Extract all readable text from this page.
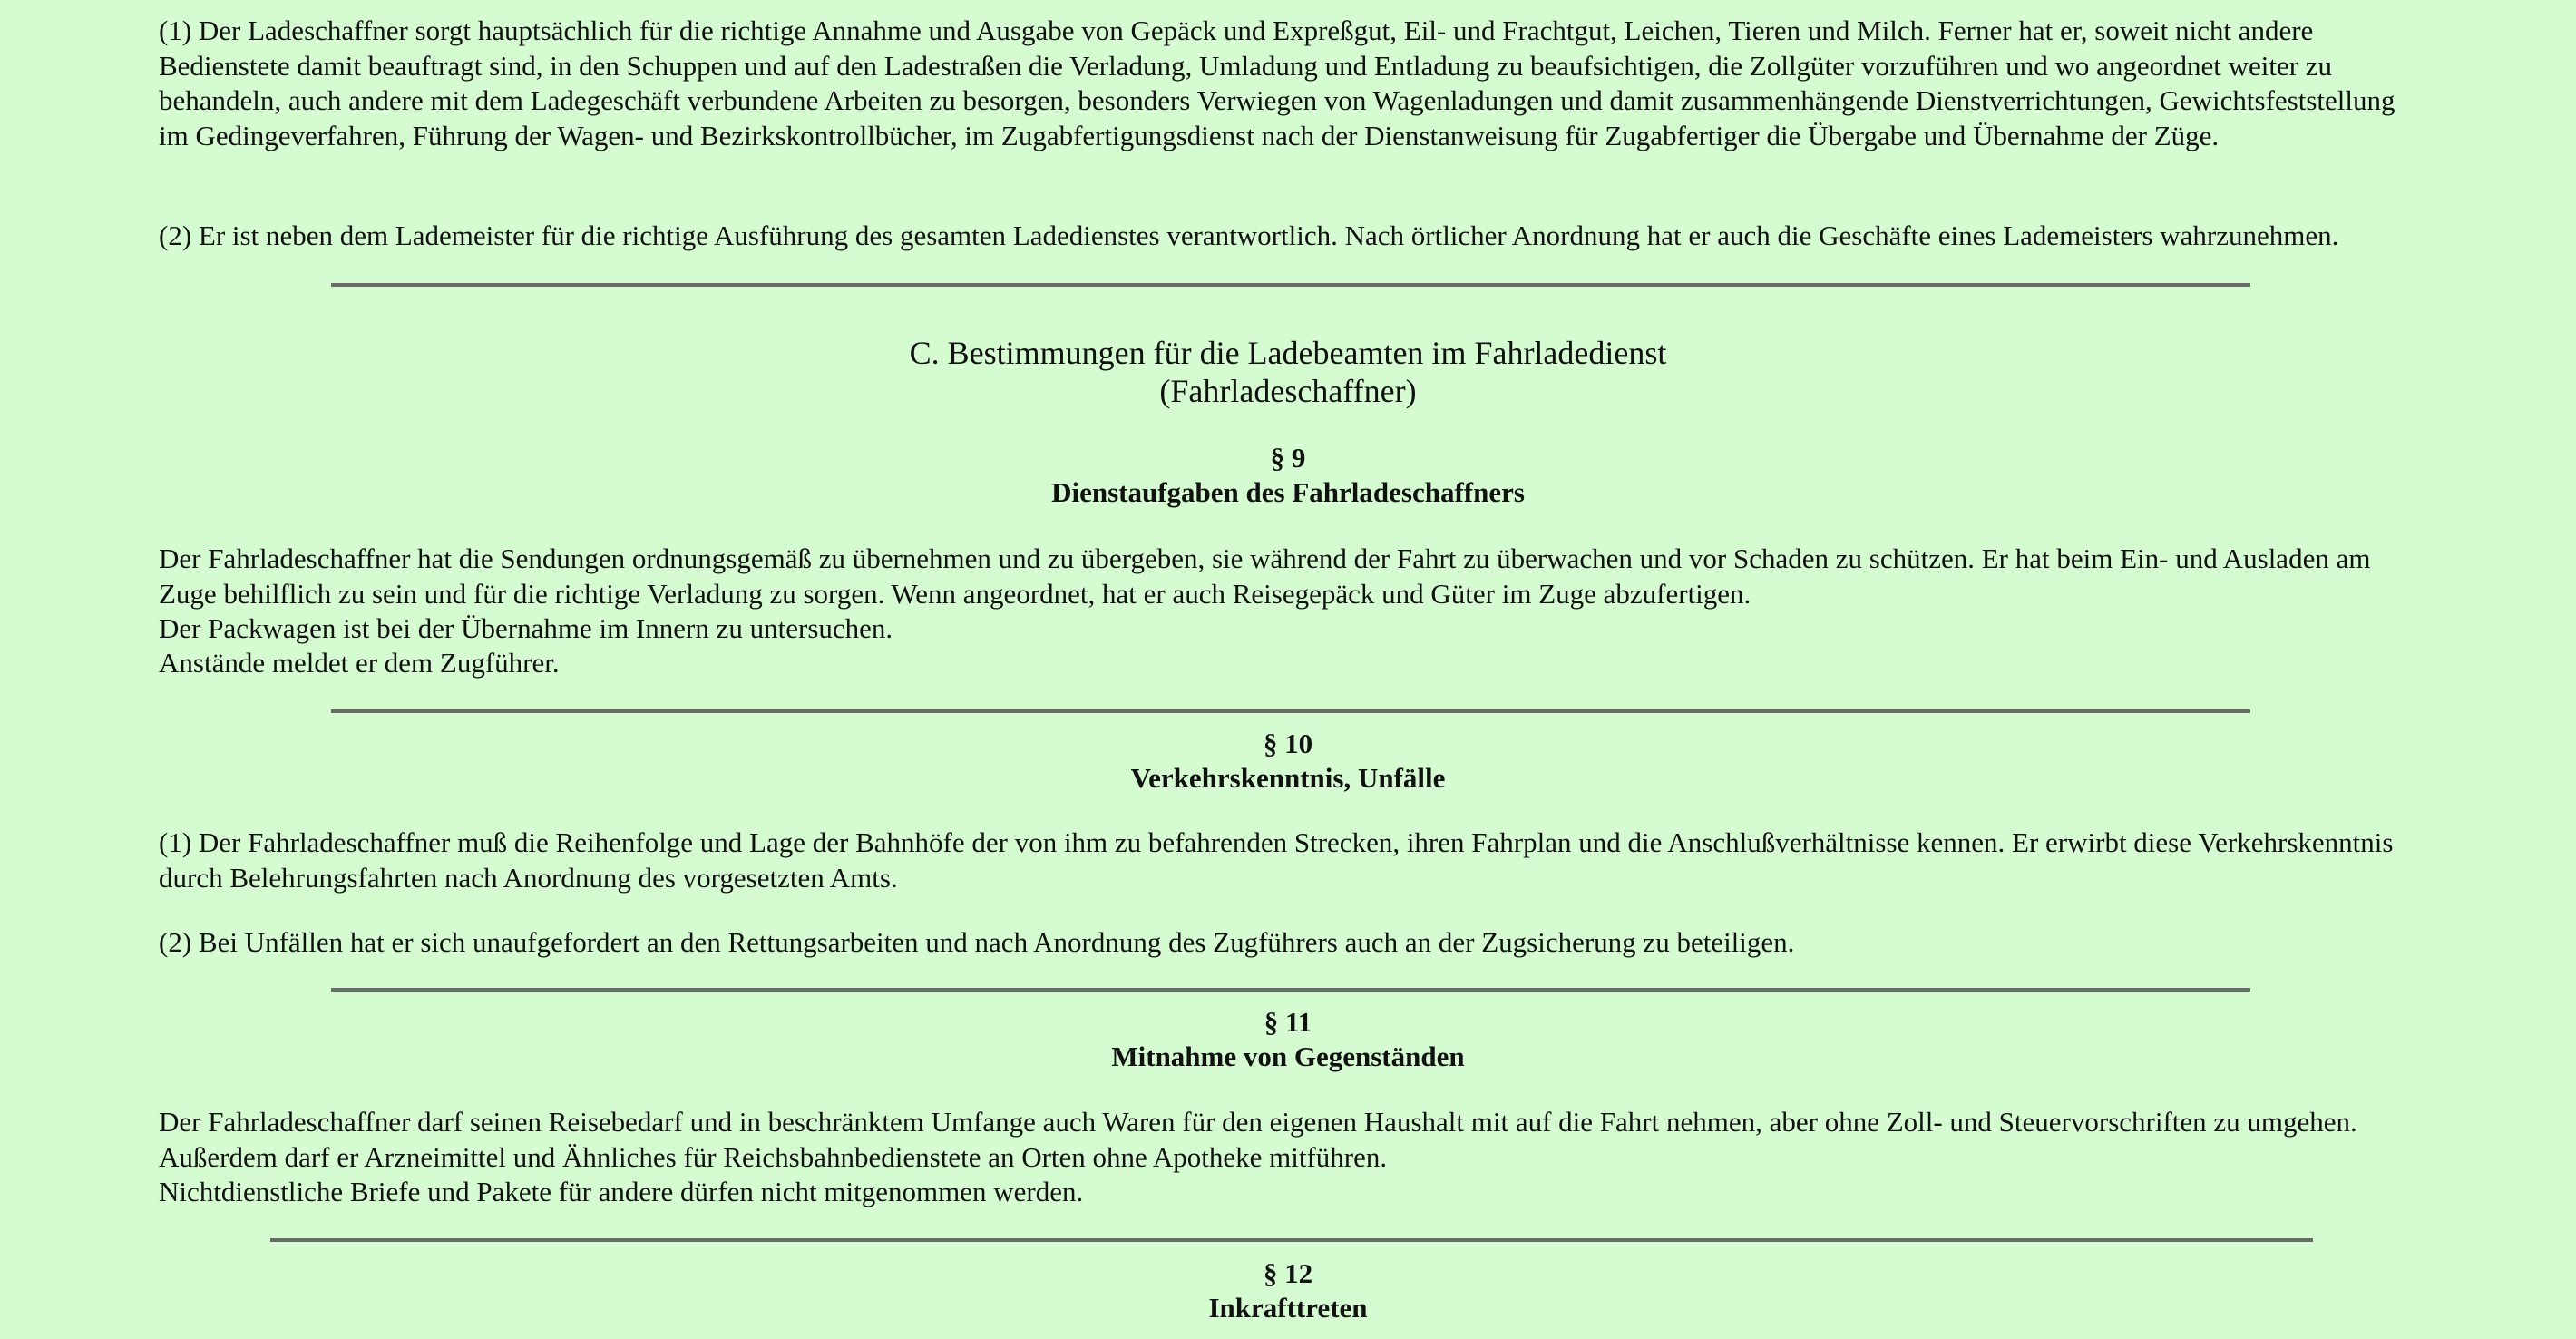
(1) Der Ladeschaffner sorgt hauptsächlich für die richtige Annahme und Ausgabe von Gepäck und Expreßgut, Eil- und Frachtgut, Leichen, Tieren und Milch. Ferner hat er, soweit nicht andere Bedienstete damit beauftragt sind, in den Schuppen und auf den Ladestraßen die Verladung, Umladung und Entladung zu beaufsichtigen, die Zollgüter vorzuführen und wo angeordnet weiter zu behandeln, auch andere mit dem Ladegeschäft verbundene Arbeiten zu besorgen, besonders Verwiegen von Wagenladungen und damit zusammenhängende Dienstverrichtungen, Gewichtsfeststellung im Gedingeverfahren, Führung der Wagen- und Bezirkskontrollbücher, im Zugabfertigungsdienst nach der Dienstanweisung für Zugabfertiger die Übergabe und Übernahme der Züge.

(2) Er ist neben dem Lademeister für die richtige Ausführung des gesamten Ladedienstes verantwortlich. Nach örtlicher Anordnung hat er auch die Geschäfte eines Lademeisters wahrzunehmen.

C. Bestimmungen für die Ladebeamten im Fahrladedienst

(Fahrladeschaffner)

§ 9

Dienstaufgaben des Fahrladeschaffners

Der Fahrladeschaffner hat die Sendungen ordnungsgemäß zu übernehmen und zu übergeben, sie während der Fahrt zu überwachen und vor Schaden zu schützen. Er hat beim Ein- und Ausladen am Zuge behilflich zu sein und für die richtige Verladung zu sorgen. Wenn angeordnet, hat er auch Reisegepäck und Güter im Zuge abzufertigen.

Der Packwagen ist bei der Übernahme im Innern zu untersuchen.

Anstände meldet er dem Zugführer.

§ 10

Verkehrskenntnis, Unfälle

(1) Der Fahrladeschaffner muß die Reihenfolge und Lage der Bahnhöfe der von ihm zu befahrenden Strecken, ihren Fahrplan und die Anschlußverhältnisse kennen. Er erwirbt diese Verkehrskenntnis durch Belehrungsfahrten nach Anordnung des vorgesetzten Amts.

(2) Bei Unfällen hat er sich unaufgefordert an den Rettungsarbeiten und nach Anordnung des Zugführers auch an der Zugsicherung zu beteiligen.

§ 11

Mitnahme von Gegenständen

Der Fahrladeschaffner darf seinen Reisebedarf und in beschränktem Umfange auch Waren für den eigenen Haushalt mit auf die Fahrt nehmen, aber ohne Zoll- und Steuervorschriften zu umgehen. Außerdem darf er Arzneimittel und Ähnliches für Reichsbahnbedienstete an Orten ohne Apotheke mitführen.

Nichtdienstliche Briefe und Pakete für andere dürfen nicht mitgenommen werden.

§ 12

Inkrafttreten
